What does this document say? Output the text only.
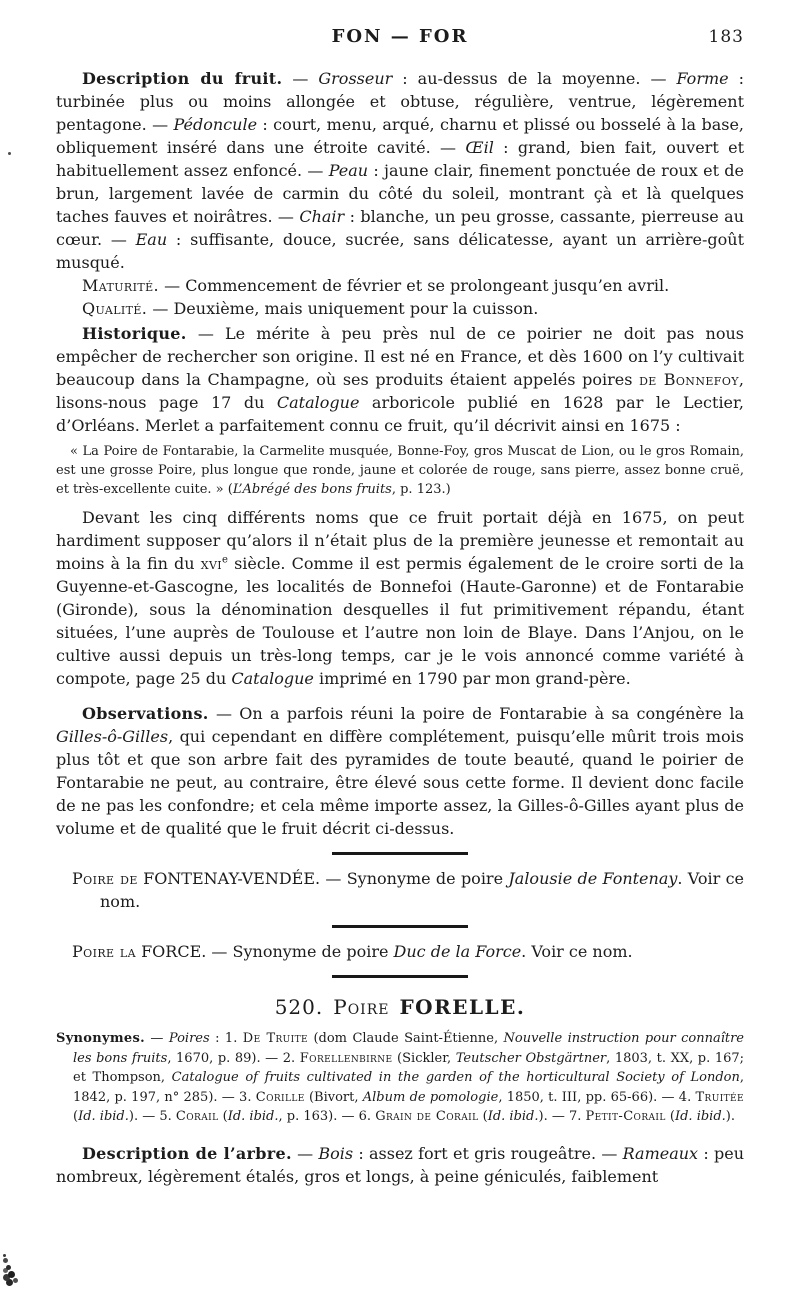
FON — FOR	183

Description du fruit. — Grosseur : au-dessus de la moyenne. — Forme : turbinée plus ou moins allongée et obtuse, régulière, ventrue, légèrement pentagone. — Pédoncule : court, menu, arqué, charnu et plissé ou bosselé à la base, obliquement inséré dans une étroite cavité. — Œil : grand, bien fait, ouvert et habituellement assez enfoncé. — Peau : jaune clair, finement ponctuée de roux et de brun, largement lavée de carmin du côté du soleil, montrant çà et là quelques taches fauves et noirâtres. — Chair : blanche, un peu grosse, cassante, pierreuse au cœur. — Eau : suffisante, douce, sucrée, sans délicatesse, ayant un arrière-goût musqué.

Maturité. — Commencement de février et se prolongeant jusqu’en avril.

Qualité. — Deuxième, mais uniquement pour la cuisson.

Historique. — Le mérite à peu près nul de ce poirier ne doit pas nous empêcher de rechercher son origine. Il est né en France, et dès 1600 on l’y cultivait beaucoup dans la Champagne, où ses produits étaient appelés poires de Bonnefoy, lisons-nous page 17 du Catalogue arboricole publié en 1628 par le Lectier, d’Orléans. Merlet a parfaitement connu ce fruit, qu’il décrivit ainsi en 1675 :

« La Poire de Fontarabie, la Carmelite musquée, Bonne-Foy, gros Muscat de Lion, ou le gros Romain, est une grosse Poire, plus longue que ronde, jaune et colorée de rouge, sans pierre, assez bonne cruë, et très-excellente cuite. » (L’Abrégé des bons fruits, p. 123.)

Devant les cinq différents noms que ce fruit portait déjà en 1675, on peut hardiment supposer qu’alors il n’était plus de la première jeunesse et remontait au moins à la fin du xvi$^e$ siècle. Comme il est permis également de le croire sorti de la Guyenne-et-Gascogne, les localités de Bonnefoi (Haute-Garonne) et de Fontarabie (Gironde), sous la dénomination desquelles il fut primitivement répandu, étant situées, l’une auprès de Toulouse et l’autre non loin de Blaye. Dans l’Anjou, on le cultive aussi depuis un très-long temps, car je le vois annoncé comme variété à compote, page 25 du Catalogue imprimé en 1790 par mon grand-père.

Observations. — On a parfois réuni la poire de Fontarabie à sa congénère la Gilles-ô-Gilles, qui cependant en diffère complétement, puisqu’elle mûrit trois mois plus tôt et que son arbre fait des pyramides de toute beauté, quand le poirier de Fontarabie ne peut, au contraire, être élevé sous cette forme. Il devient donc facile de ne pas les confondre; et cela même importe assez, la Gilles-ô-Gilles ayant plus de volume et de qualité que le fruit décrit ci-dessus.

Poire de FONTENAY-VENDÉE. — Synonyme de poire Jalousie de Fontenay. Voir ce nom.

Poire la FORCE. — Synonyme de poire Duc de la Force. Voir ce nom.

520. Poire FORELLE.

Synonymes. — Poires : 1. De Truite (dom Claude Saint-Étienne, Nouvelle instruction pour connaître les bons fruits, 1670, p. 89). — 2. Forellenbirne (Sickler, Teutscher Obstgärtner, 1803, t. XX, p. 167; et Thompson, Catalogue of fruits cultivated in the garden of the horticultural Society of London, 1842, p. 197, n° 285). — 3. Corille (Bivort, Album de pomologie, 1850, t. III, pp. 65-66). — 4. Truitée (Id. ibid.). — 5. Corail (Id. ibid., p. 163). — 6. Grain de Corail (Id. ibid.). — 7. Petit-Corail (Id. ibid.).

Description de l’arbre. — Bois : assez fort et gris rougeâtre. — Rameaux : peu nombreux, légèrement étalés, gros et longs, à peine géniculés, faiblement
